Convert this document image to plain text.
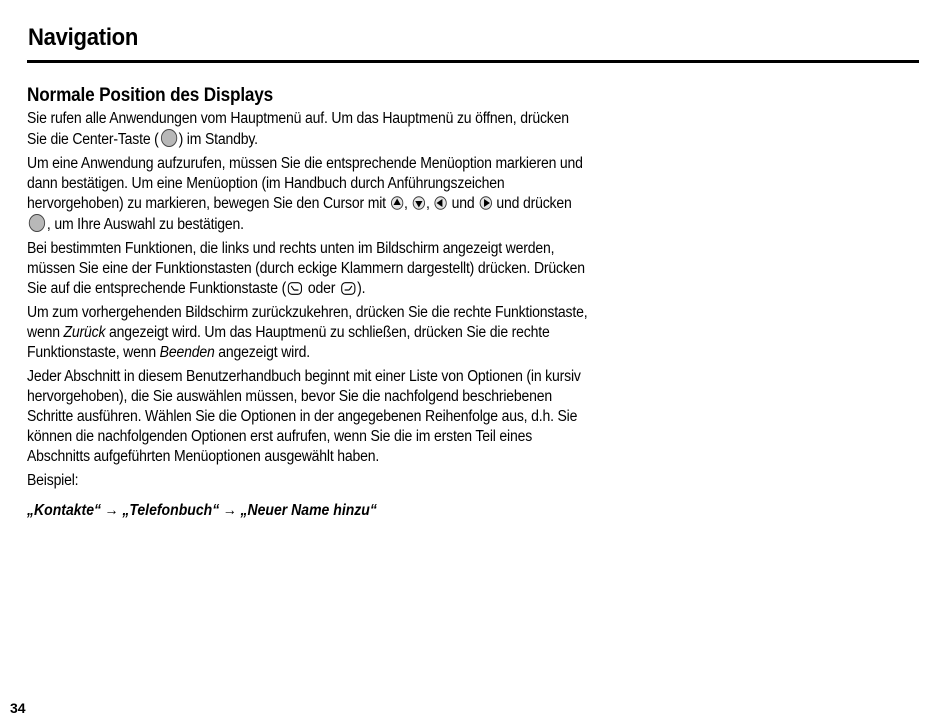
Navigation
Normale Position des Displays

Sie rufen alle Anwendungen vom Hauptmenü auf. Um das Hauptmenü zu öffnen, drücken Sie die Center-Taste ( ) im Standby.

Um eine Anwendung aufzurufen, müssen Sie die entsprechende Menüoption markieren und dann bestätigen. Um eine Menüoption (im Handbuch durch Anführungszeichen hervorgehoben) zu markieren, bewegen Sie den Cursor mit , , und und drücken , um Ihre Auswahl zu bestätigen.

Bei bestimmten Funktionen, die links und rechts unten im Bildschirm angezeigt werden, müssen Sie eine der Funktionstasten (durch eckige Klammern dargestellt) drücken. Drücken Sie auf die entsprechende Funktionstaste ( oder ).

Um zum vorhergehenden Bildschirm zurückzukehren, drücken Sie die rechte Funktionstaste, wenn Zurück angezeigt wird. Um das Hauptmenü zu schließen, drücken Sie die rechte Funktionstaste, wenn Beenden angezeigt wird.

Jeder Abschnitt in diesem Benutzerhandbuch beginnt mit einer Liste von Optionen (in kursiv hervorgehoben), die Sie auswählen müssen, bevor Sie die nachfolgend beschriebenen Schritte ausführen. Wählen Sie die Optionen in der angegebenen Reihenfolge aus, d.h. Sie können die nachfolgenden Optionen erst aufrufen, wenn Sie die im ersten Teil eines Abschnitts aufgeführten Menüoptionen ausgewählt haben.

Beispiel:

„Kontakte“ → „Telefonbuch“ → „Neuer Name hinzu“
34
